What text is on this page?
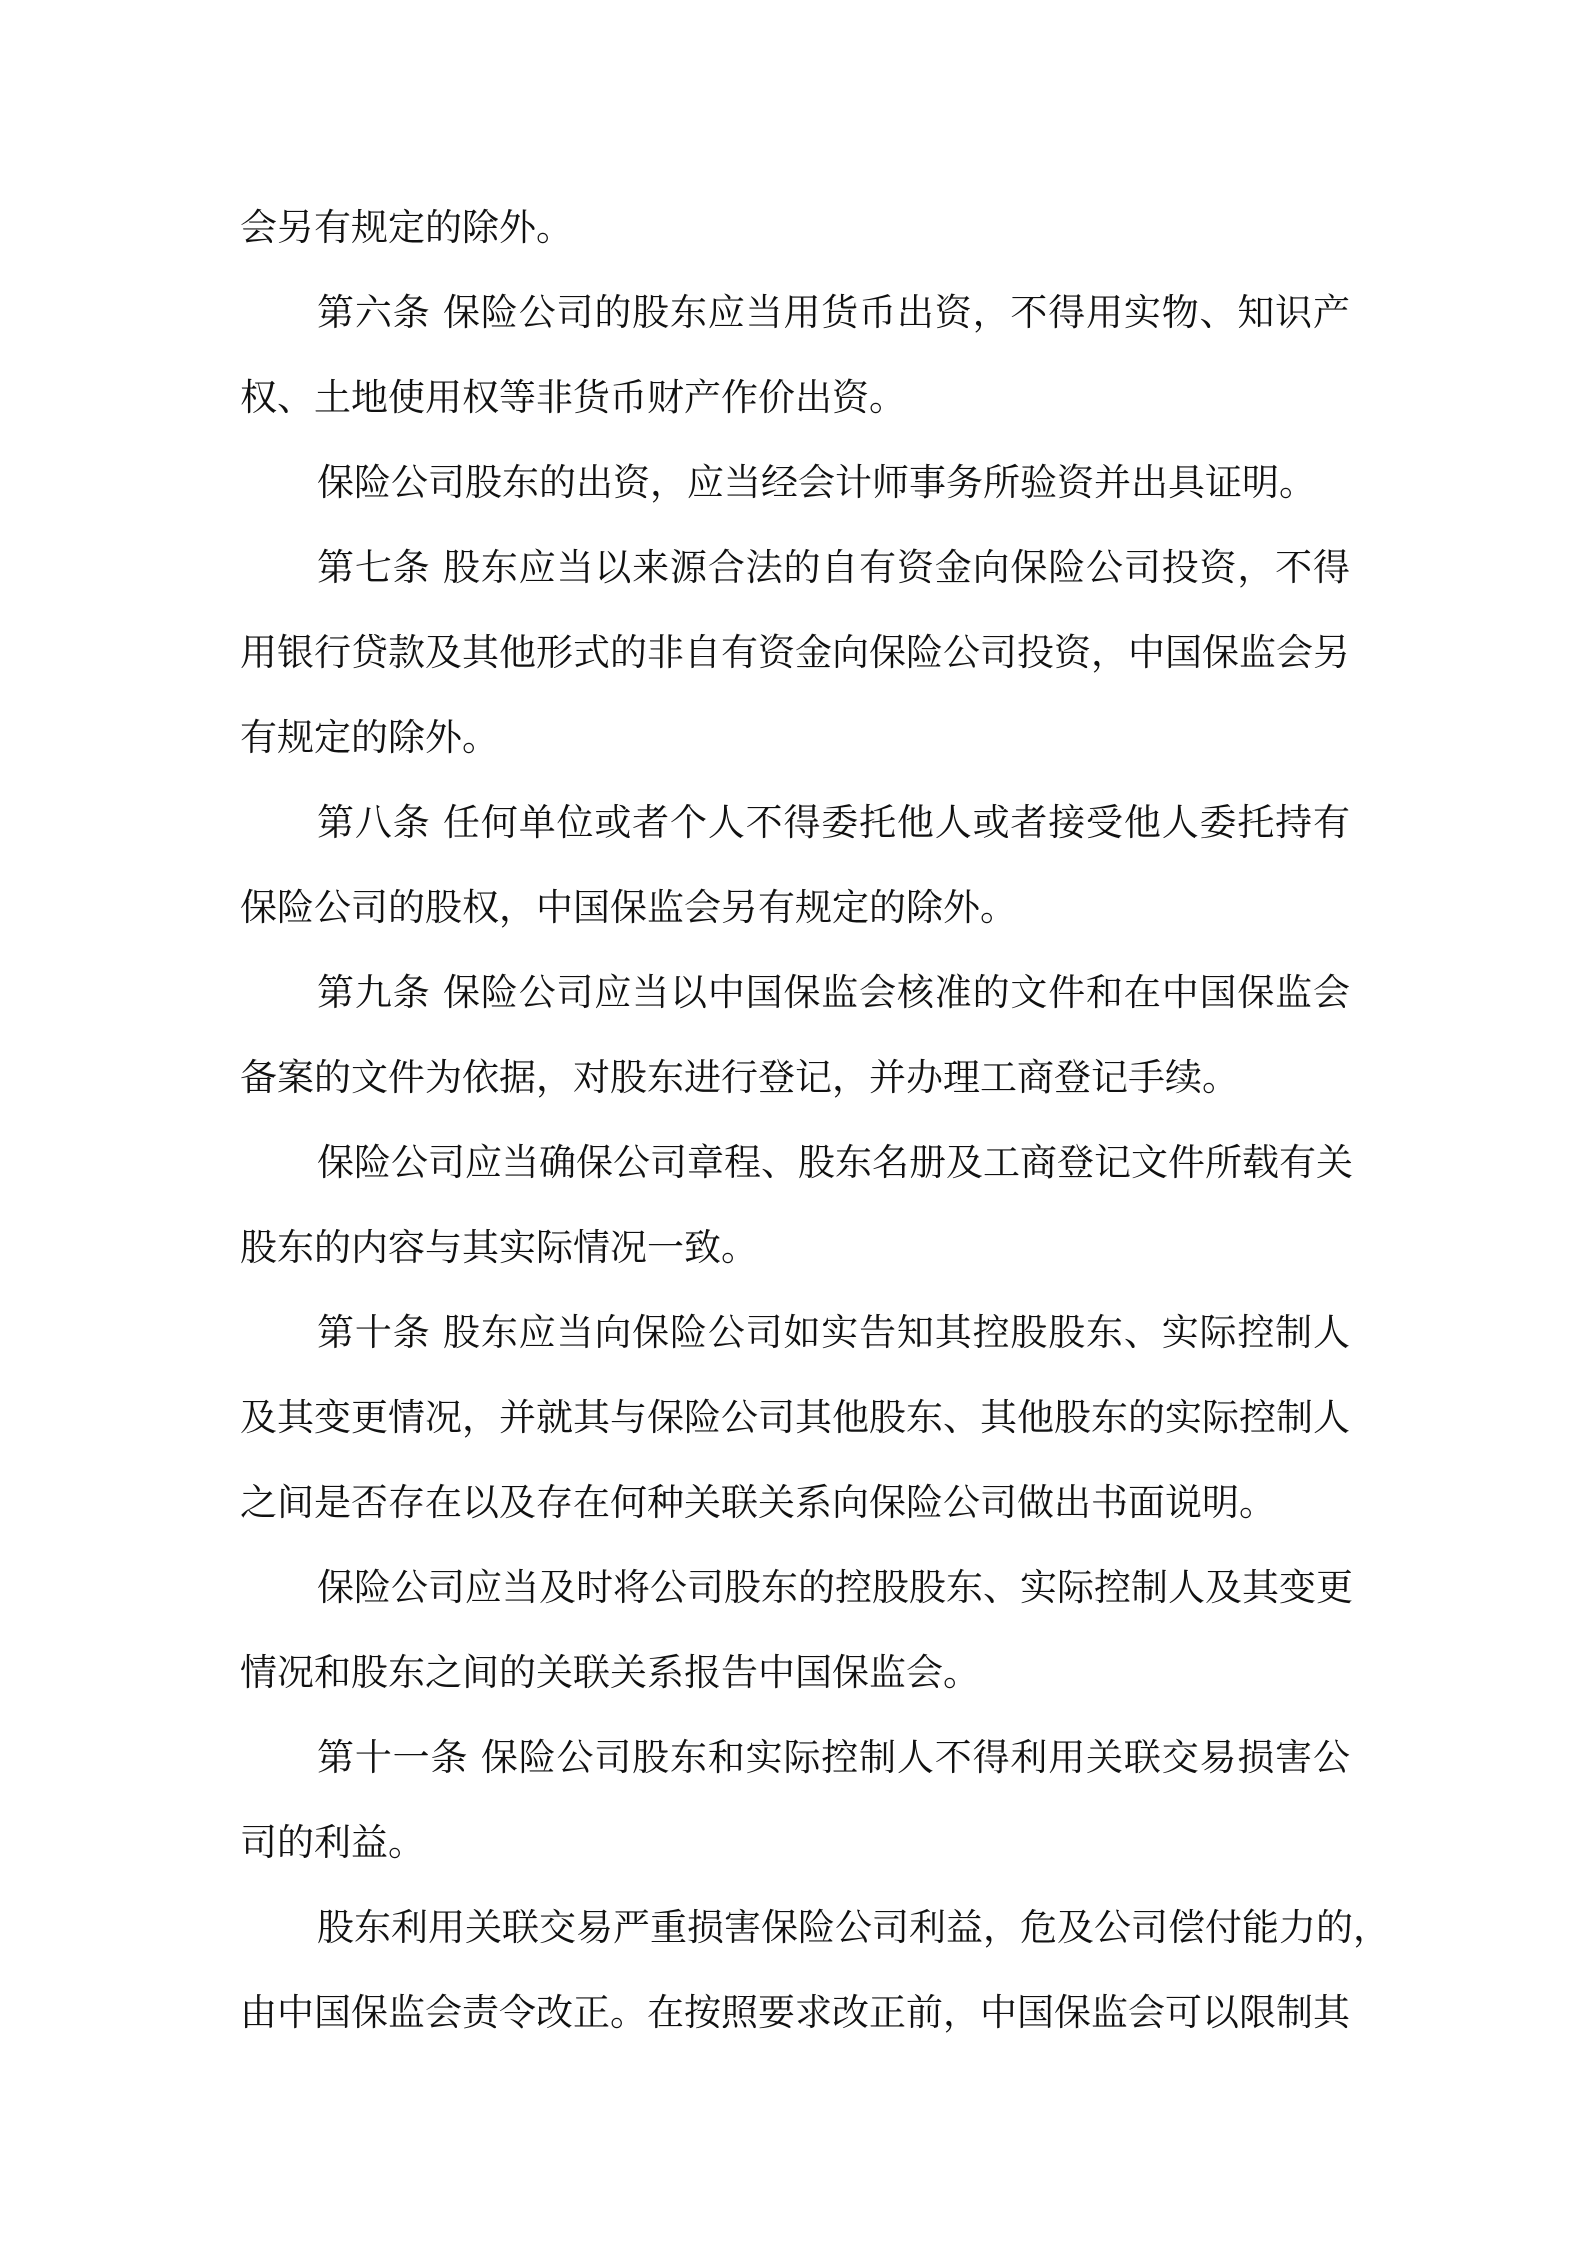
会另有规定的除外。
第六条 保险公司的股东应当用货币出资，不得用实物、知识产
权、土地使用权等非货币财产作价出资。
保险公司股东的出资，应当经会计师事务所验资并出具证明。
第七条 股东应当以来源合法的自有资金向保险公司投资，不得
用银行贷款及其他形式的非自有资金向保险公司投资，中国保监会另
有规定的除外。
第八条 任何单位或者个人不得委托他人或者接受他人委托持有
保险公司的股权，中国保监会另有规定的除外。
第九条 保险公司应当以中国保监会核准的文件和在中国保监会
备案的文件为依据，对股东进行登记，并办理工商登记手续。
保险公司应当确保公司章程、股东名册及工商登记文件所载有关
股东的内容与其实际情况一致。
第十条 股东应当向保险公司如实告知其控股股东、实际控制人
及其变更情况，并就其与保险公司其他股东、其他股东的实际控制人
之间是否存在以及存在何种关联关系向保险公司做出书面说明。
保险公司应当及时将公司股东的控股股东、实际控制人及其变更
情况和股东之间的关联关系报告中国保监会。
第十一条 保险公司股东和实际控制人不得利用关联交易损害公
司的利益。
股东利用关联交易严重损害保险公司利益，危及公司偿付能力的，
由中国保监会责令改正。在按照要求改正前，中国保监会可以限制其
